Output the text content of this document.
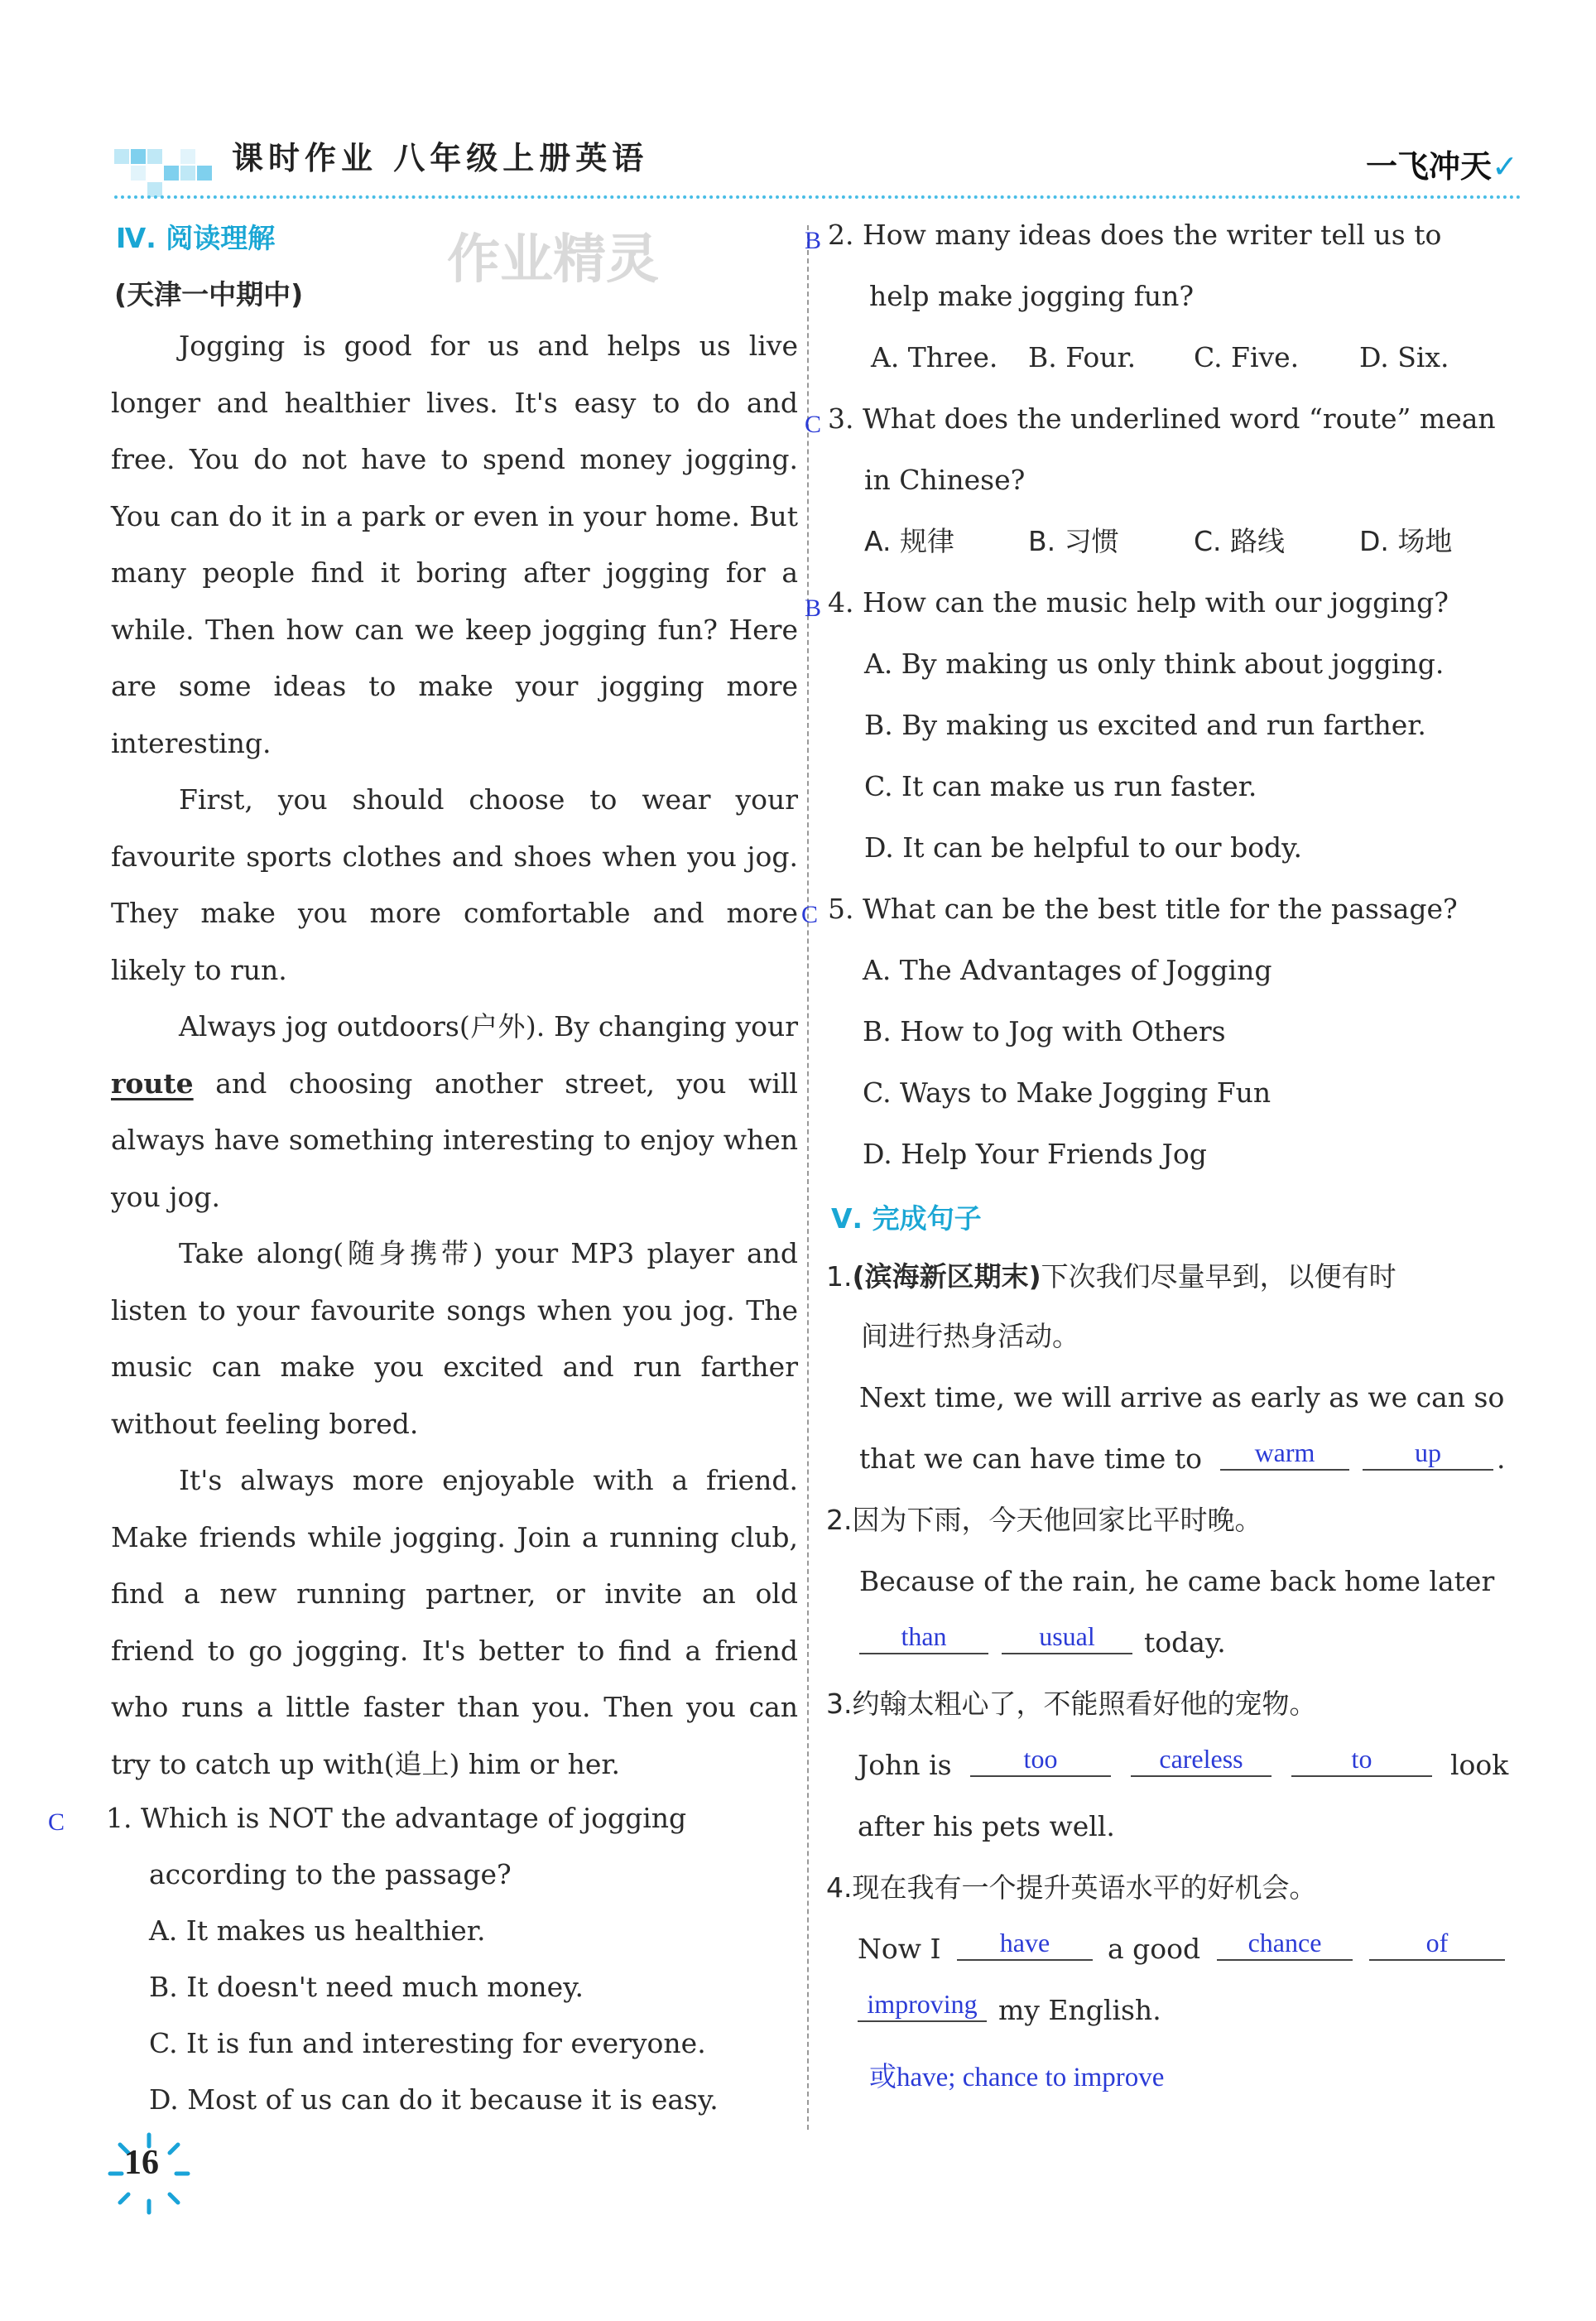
课时作业 八年级上册英语	一飞冲天✓
Ⅳ. 阅读理解	作业精灵
(天津一中期中)

Jogging is good for us and helps us live longer and healthier lives. It's easy to do and free. You do not have to spend money jogging. You can do it in a park or even in your home. But many people find it boring after jogging for a while. Then how can we keep jogging fun? Here are some ideas to make your jogging more interesting.

First, you should choose to wear your favourite sports clothes and shoes when you jog. They make you more comfortable and more likely to run.

Always jog outdoors(户外). By changing your route and choosing another street, you will always have something interesting to enjoy when you jog.

Take along(随身携带) your MP3 player and listen to your favourite songs when you jog. The music can make you excited and run farther without feeling bored.

It's always more enjoyable with a friend. Make friends while jogging. Join a running club, find a new running partner, or invite an old friend to go jogging. It's better to find a friend who runs a little faster than you. Then you can try to catch up with(追上) him or her.

C 1. Which is NOT the advantage of jogging
according to the passage?
A. It makes us healthier.
B. It doesn't need much money.
C. It is fun and interesting for everyone.
D. Most of us can do it because it is easy.
16
B 2. How many ideas does the writer tell us to
help make jogging fun?
A. Three. B. Four. C. Five. D. Six.
C 3. What does the underlined word “route” mean
in Chinese?
A. 规律	B. 习惯	C. 路线	D. 场地
B 4. How can the music help with our jogging?
A. By making us only think about jogging.
B. By making us excited and run farther.
C. It can make us run faster.
D. It can be helpful to our body.
C 5. What can be the best title for the passage?
A. The Advantages of Jogging
B. How to Jog with Others
C. Ways to Make Jogging Fun
D. Help Your Friends Jog
Ⅴ. 完成句子
1.(滨海新区期末)下次我们尽量早到，以便有时
间进行热身活动。
Next time, we will arrive as early as we can so
that we can have time to	warm	up	.
2.因为下雨，今天他回家比平时晚。
Because of the rain, he came back home later
than	usual	today.
3.约翰太粗心了，不能照看好他的宠物。
John is	too	careless	to	look
after his pets well.
4.现在我有一个提升英语水平的好机会。
Now I	have	a good	chance	of
improving my English.
或have; chance to improve
